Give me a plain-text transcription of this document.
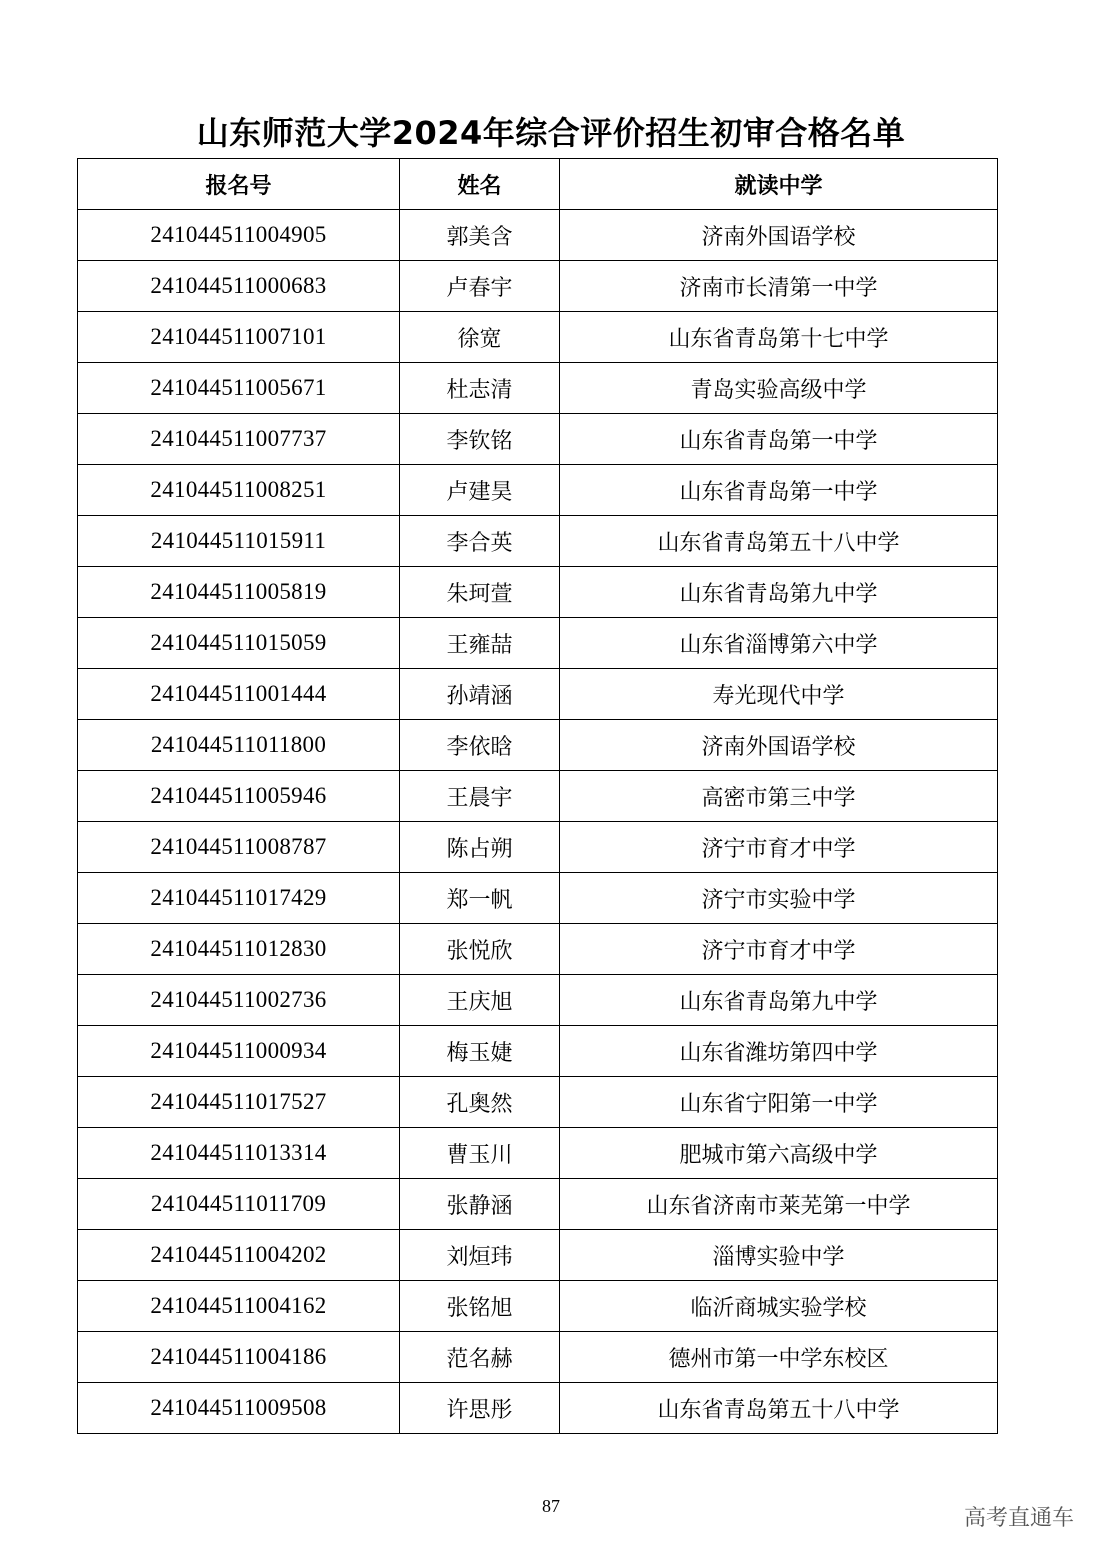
山东师范大学2024年综合评价招生初审合格名单
报名号	姓名	就读中学
241044511004905	郭美含	济南外国语学校
241044511000683	卢春宇	济南市长清第一中学
241044511007101	徐宽	山东省青岛第十七中学
241044511005671	杜志清	青岛实验高级中学
241044511007737	李钦铭	山东省青岛第一中学
241044511008251	卢建昊	山东省青岛第一中学
241044511015911	李合英	山东省青岛第五十八中学
241044511005819	朱珂萱	山东省青岛第九中学
241044511015059	王雍喆	山东省淄博第六中学
241044511001444	孙靖涵	寿光现代中学
241044511011800	李依晗	济南外国语学校
241044511005946	王晨宇	高密市第三中学
241044511008787	陈占朔	济宁市育才中学
241044511017429	郑一帆	济宁市实验中学
241044511012830	张悦欣	济宁市育才中学
241044511002736	王庆旭	山东省青岛第九中学
241044511000934	梅玉婕	山东省潍坊第四中学
241044511017527	孔奥然	山东省宁阳第一中学
241044511013314	曹玉川	肥城市第六高级中学
241044511011709	张静涵	山东省济南市莱芜第一中学
241044511004202	刘烜玮	淄博实验中学
241044511004162	张铭旭	临沂商城实验学校
241044511004186	范名赫	德州市第一中学东校区
241044511009508	许思彤	山东省青岛第五十八中学
87	高考直通车
